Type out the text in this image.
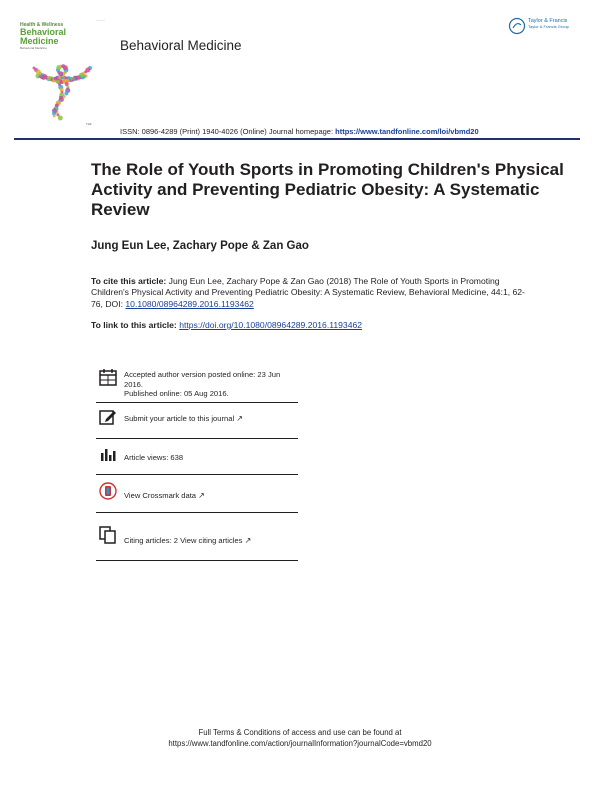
———
Health & Wellness
Behavioral
Medicine
Behavioral Medicine
T&F
Behavioral Medicine
Taylor & Francis
Taylor & Francis Group
ISSN: 0896-4289 (Print) 1940-4026 (Online) Journal homepage: https://www.tandfonline.com/loi/vbmd20
The Role of Youth Sports in Promoting Children's Physical Activity and Preventing Pediatric Obesity: A Systematic Review
Jung Eun Lee, Zachary Pope & Zan Gao
To cite this article: Jung Eun Lee, Zachary Pope & Zan Gao (2018) The Role of Youth Sports in Promoting Children's Physical Activity and Preventing Pediatric Obesity: A Systematic Review, Behavioral Medicine, 44:1, 62-76, DOI: 10.1080/08964289.2016.1193462
To link to this article: https://doi.org/10.1080/08964289.2016.1193462
Accepted author version posted online: 23 Jun 2016.
Published online: 05 Aug 2016.
Submit your article to this journal ↗
Article views: 638
View Crossmark data ↗
Citing articles: 2 View citing articles ↗
Full Terms & Conditions of access and use can be found at
https://www.tandfonline.com/action/journalInformation?journalCode=vbmd20
